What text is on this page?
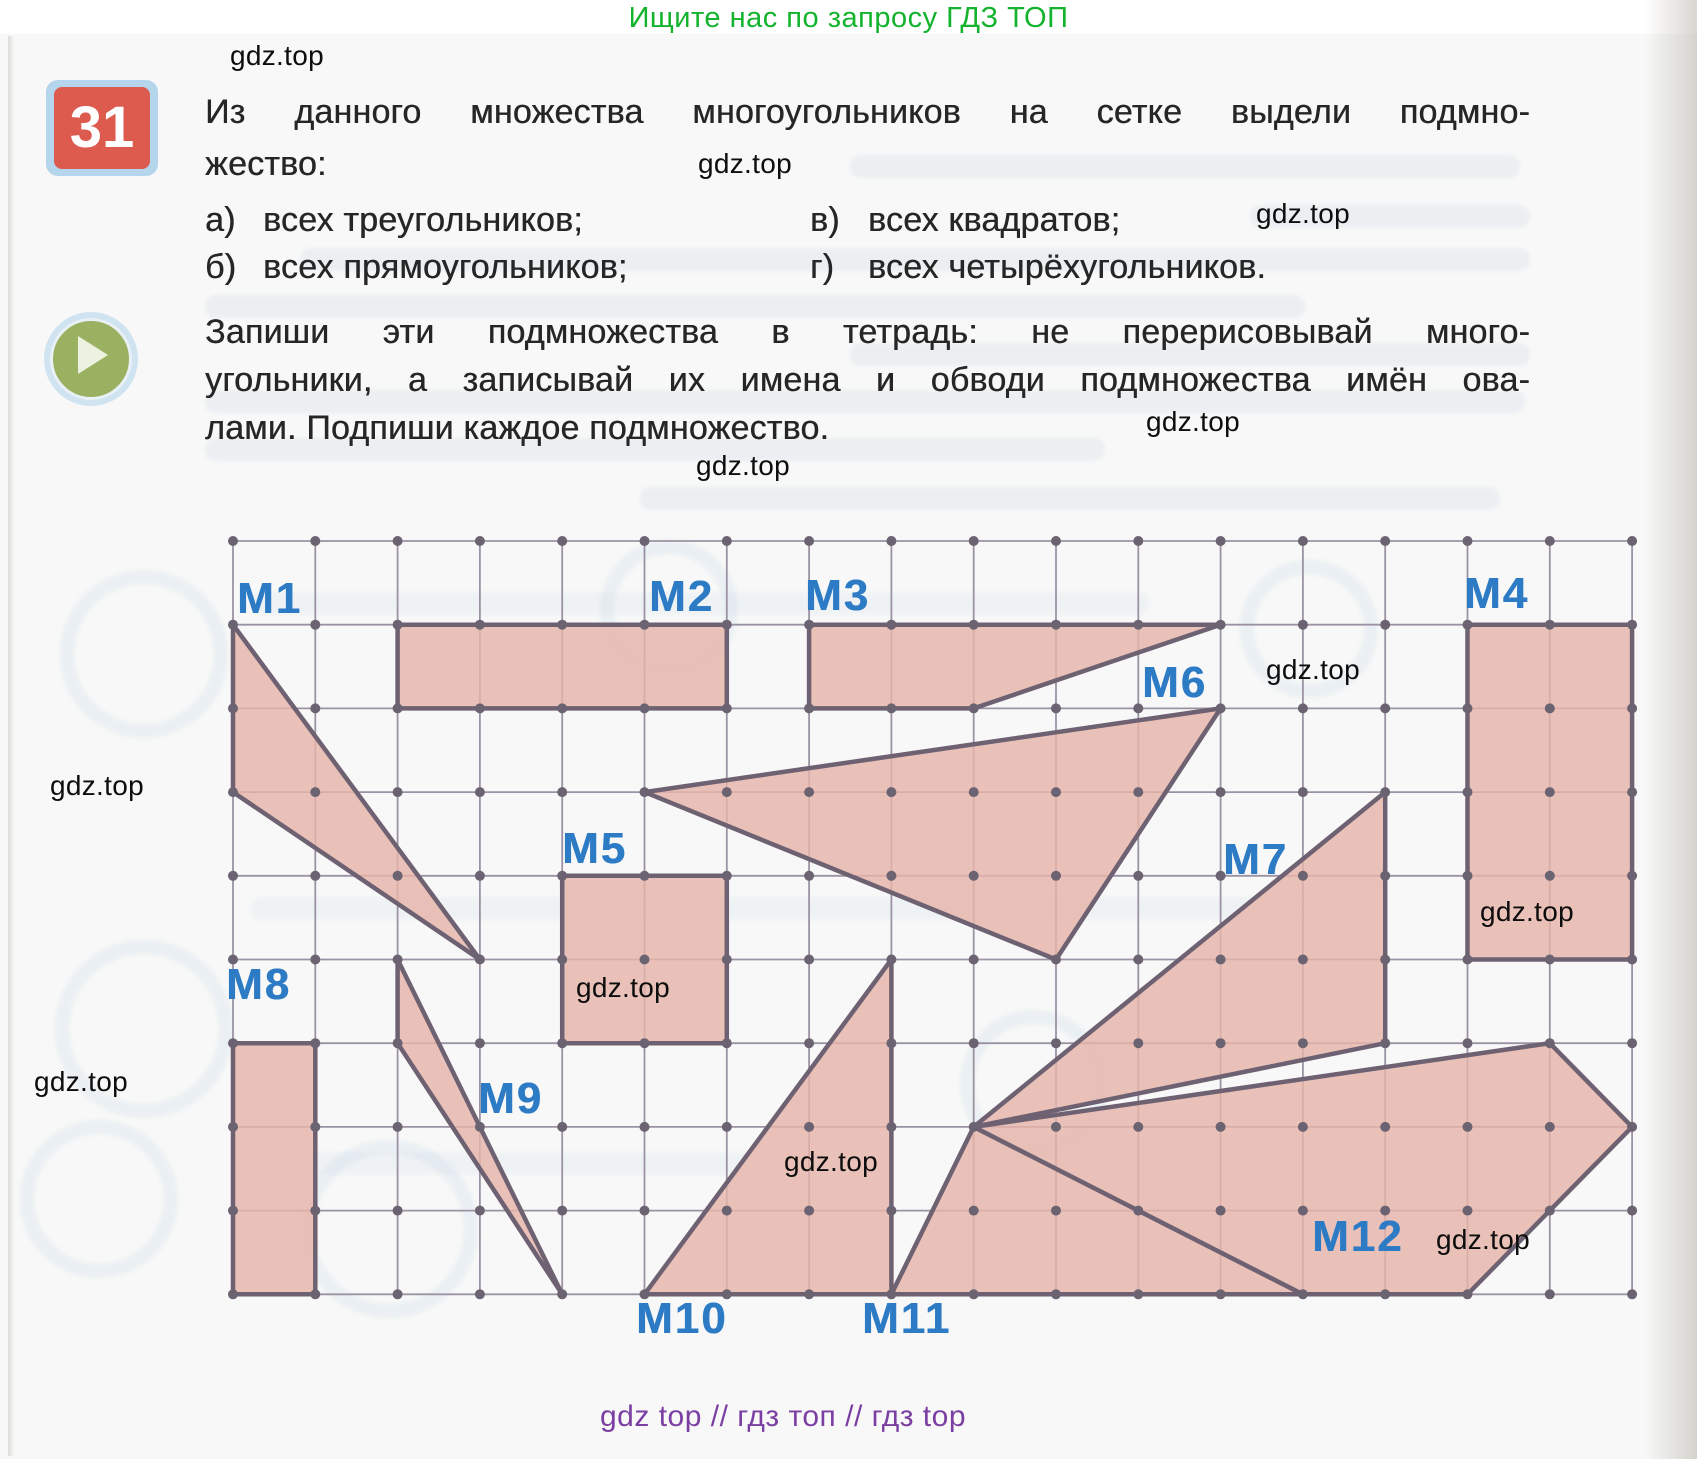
Ищите нас по запросу ГДЗ ТОП
31 Из данного множества многоугольников на сетке выдели подмно-
жество:
а) всех треугольников;	в) всех квадратов;
б) всех прямоугольников;	г) всех четырёхугольников.
Запиши эти подмножества в тетрадь: не перерисовывай много-
угольники, а записывай их имена и обводи подмножества имён ова-
лами. Подпиши каждое подмножество.
gdz.top
gdz.top
gdz.top
gdz.top
gdz.top
gdz.top
gdz.top
gdz.top
gdz.top
gdz.top
gdz.top
gdz.top
gdz top // гдз топ // гдз top
M1	M2 M3	M4
M5
M6
M7
M8
M9
M10	M11
M12
